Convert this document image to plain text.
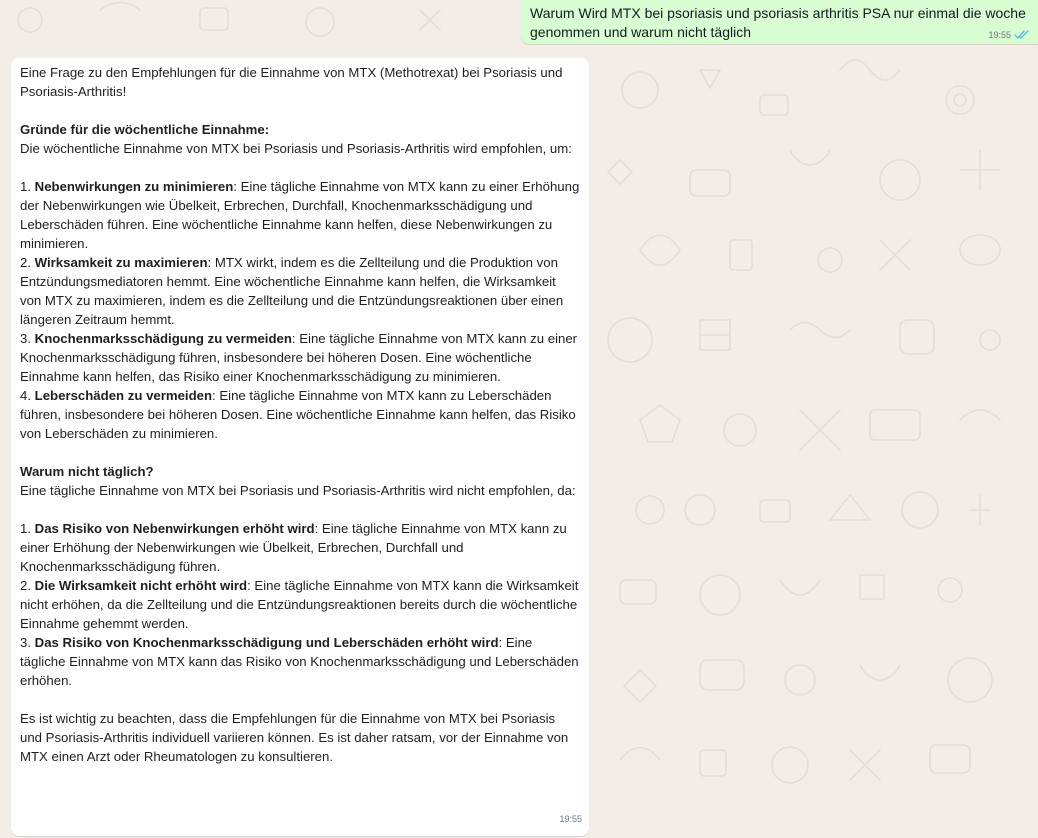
Warum Wird MTX bei psoriasis und psoriasis arthritis PSA nur einmal die woche genommen und warum nicht täglich	19:55

Eine Frage zu den Empfehlungen für die Einnahme von MTX (Methotrexat) bei Psoriasis und Psoriasis-Arthritis!

Gründe für die wöchentliche Einnahme:

Die wöchentliche Einnahme von MTX bei Psoriasis und Psoriasis-Arthritis wird empfohlen, um:

1. Nebenwirkungen zu minimieren: Eine tägliche Einnahme von MTX kann zu einer Erhöhung der Nebenwirkungen wie Übelkeit, Erbrechen, Durchfall, Knochenmarksschädigung und Leberschäden führen. Eine wöchentliche Einnahme kann helfen, diese Nebenwirkungen zu minimieren.

2. Wirksamkeit zu maximieren: MTX wirkt, indem es die Zellteilung und die Produktion von Entzündungsmediatoren hemmt. Eine wöchentliche Einnahme kann helfen, die Wirksamkeit von MTX zu maximieren, indem es die Zellteilung und die Entzündungsreaktionen über einen längeren Zeitraum hemmt.

3. Knochenmarksschädigung zu vermeiden: Eine tägliche Einnahme von MTX kann zu einer Knochenmarksschädigung führen, insbesondere bei höheren Dosen. Eine wöchentliche Einnahme kann helfen, das Risiko einer Knochenmarksschädigung zu minimieren.

4. Leberschäden zu vermeiden: Eine tägliche Einnahme von MTX kann zu Leberschäden führen, insbesondere bei höheren Dosen. Eine wöchentliche Einnahme kann helfen, das Risiko von Leberschäden zu minimieren.

Warum nicht täglich?

Eine tägliche Einnahme von MTX bei Psoriasis und Psoriasis-Arthritis wird nicht empfohlen, da:

1. Das Risiko von Nebenwirkungen erhöht wird: Eine tägliche Einnahme von MTX kann zu einer Erhöhung der Nebenwirkungen wie Übelkeit, Erbrechen, Durchfall und Knochenmarksschädigung führen.

2. Die Wirksamkeit nicht erhöht wird: Eine tägliche Einnahme von MTX kann die Wirksamkeit nicht erhöhen, da die Zellteilung und die Entzündungsreaktionen bereits durch die wöchentliche Einnahme gehemmt werden.

3. Das Risiko von Knochenmarksschädigung und Leberschäden erhöht wird: Eine tägliche Einnahme von MTX kann das Risiko von Knochenmarksschädigung und Leberschäden erhöhen.

Es ist wichtig zu beachten, dass die Empfehlungen für die Einnahme von MTX bei Psoriasis und Psoriasis-Arthritis individuell variieren können. Es ist daher ratsam, vor der Einnahme von MTX einen Arzt oder Rheumatologen zu konsultieren.

19:55
